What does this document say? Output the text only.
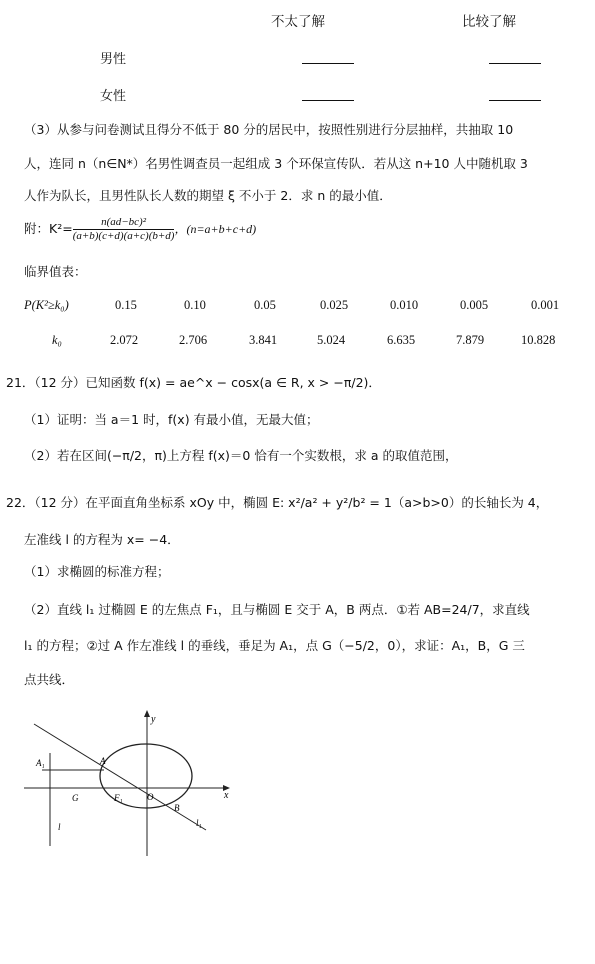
不太了解	比较了解
男性
女性
（3）从参与问卷测试且得分不低于 80 分的居民中，按照性别进行分层抽样，共抽取 10
人，连同 n（n∈N*）名男性调查员一起组成 3 个环保宣传队．若从这 n+10 人中随机取 3
人作为队长，且男性队长人数的期望 ξ 不小于 2．求 n 的最小值．
附：$K^2= \frac{\text{n(ad−bc)²}}{(a+b)(c+d)(a+c)(b+d)}$ ，(n=a+b+c+d)
临界值表：
P(K²≥k₀)	0.15	0.10	0.05	0.025	0.010	0.005	0.001
k₀	2.072	2.706	3.841	5.024	6.635	7.879	10.828
21．（12 分）已知函数 f(x) = ae^x − cosx(a ∈ R, x > −π/2)．
（1）证明：当 a＝1 时，f(x) 有最小值，无最大值；
（2）若在区间(−π/2，π)上方程 f(x)＝0 恰有一个实数根，求 a 的取值范围，
22．（12 分）在平面直角坐标系 xOy 中，椭圆 E: x²/a² + y²/b² = 1（a>b>0）的长轴长为 4，
左准线 l 的方程为 x= −4．
（1）求椭圆的标准方程；
（2）直线 l₁ 过椭圆 E 的左焦点 F₁，且与椭圆 E 交于 A，B 两点．①若 AB=24/7，求直线
l₁ 的方程；②过 A 作左准线 l 的垂线，垂足为 A₁，点 G（−5/2，0），求证：A₁，B，G 三
点共线．
y
x
A₁	A
G	F₁	O
B
l	l₁
